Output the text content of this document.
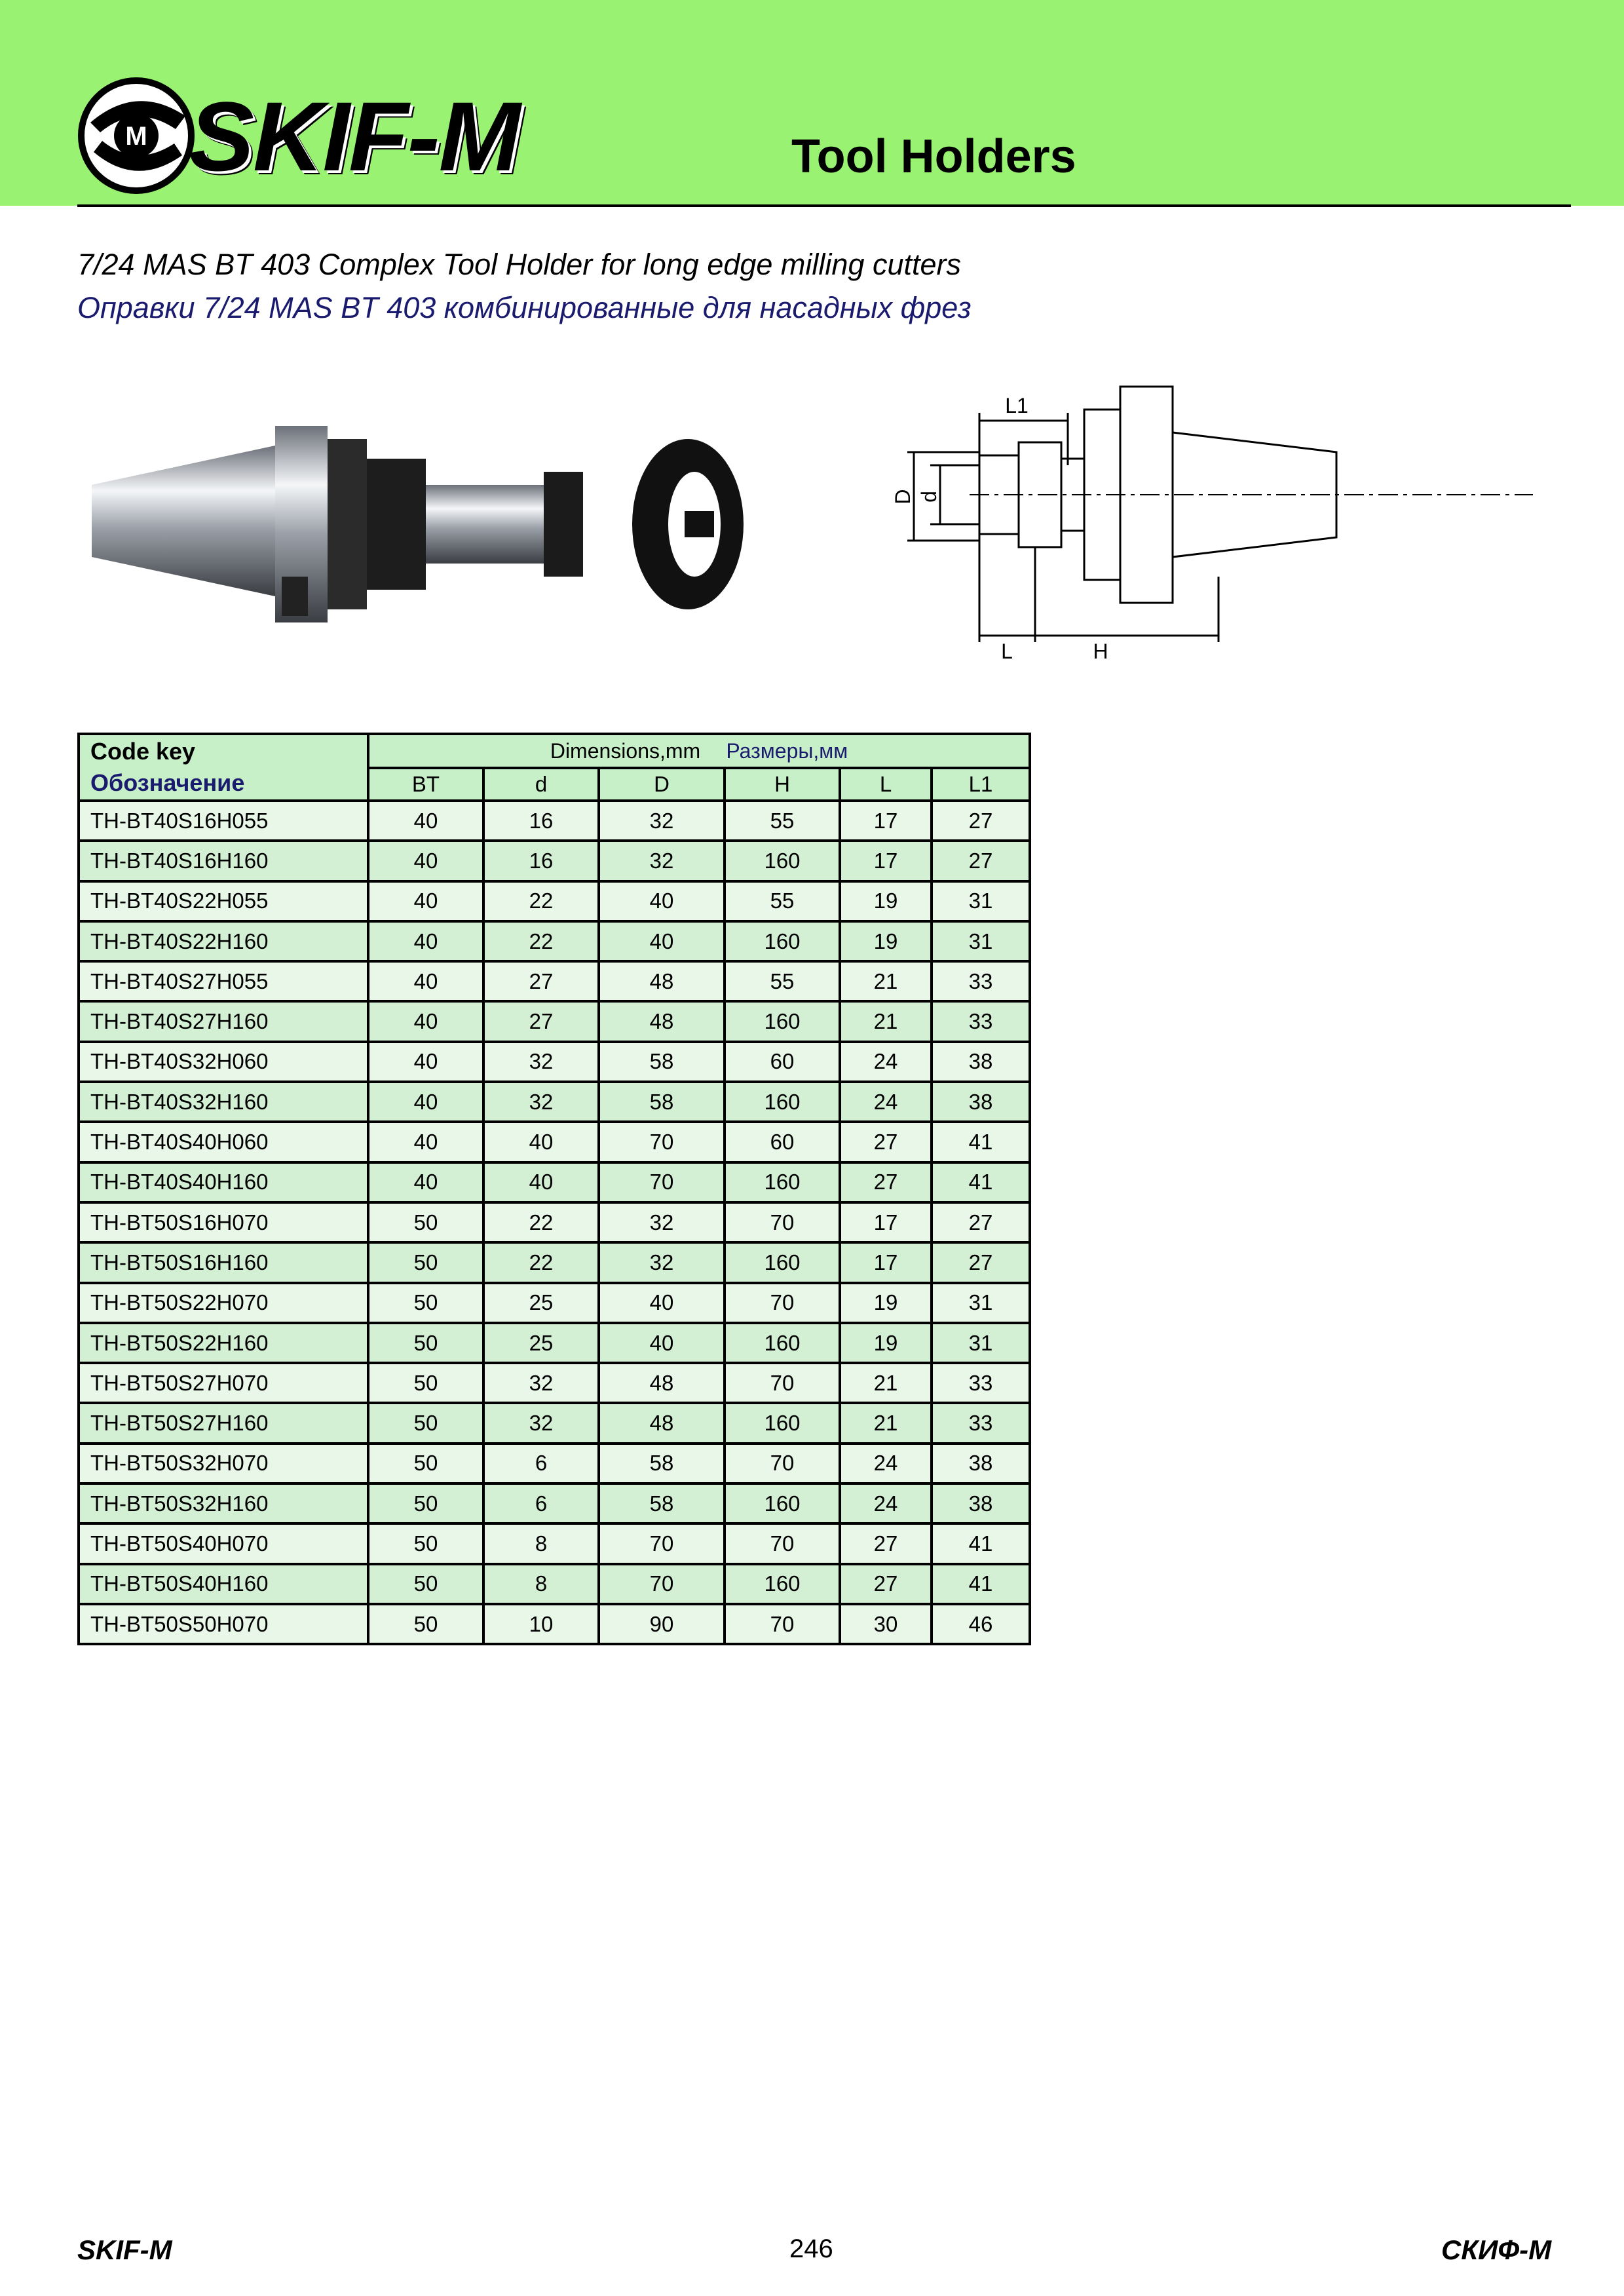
M SKIF-M	Tool Holders
7/24 MAS BT 403 Complex Tool Holder for long edge milling cutters
Оправки 7/24 MAS BT 403 комбинированные для насадных фрез
L1
D d
L	H
Code key
Обозначение	Dimensions,mm Размеры,мм					
	BT	d	D	H	L	L1
TH-BT40S16H055	40	16	32	55	17	27
TH-BT40S16H160	40	16	32	160	17	27
TH-BT40S22H055	40	22	40	55	19	31
TH-BT40S22H160	40	22	40	160	19	31
TH-BT40S27H055	40	27	48	55	21	33
TH-BT40S27H160	40	27	48	160	21	33
TH-BT40S32H060	40	32	58	60	24	38
TH-BT40S32H160	40	32	58	160	24	38
TH-BT40S40H060	40	40	70	60	27	41
TH-BT40S40H160	40	40	70	160	27	41
TH-BT50S16H070	50	22	32	70	17	27
TH-BT50S16H160	50	22	32	160	17	27
TH-BT50S22H070	50	25	40	70	19	31
TH-BT50S22H160	50	25	40	160	19	31
TH-BT50S27H070	50	32	48	70	21	33
TH-BT50S27H160	50	32	48	160	21	33
TH-BT50S32H070	50	6	58	70	24	38
TH-BT50S32H160	50	6	58	160	24	38
TH-BT50S40H070	50	8	70	70	27	41
TH-BT50S40H160	50	8	70	160	27	41
TH-BT50S50H070	50	10	90	70	30	46
SKIF-M	246	СКИФ-М
